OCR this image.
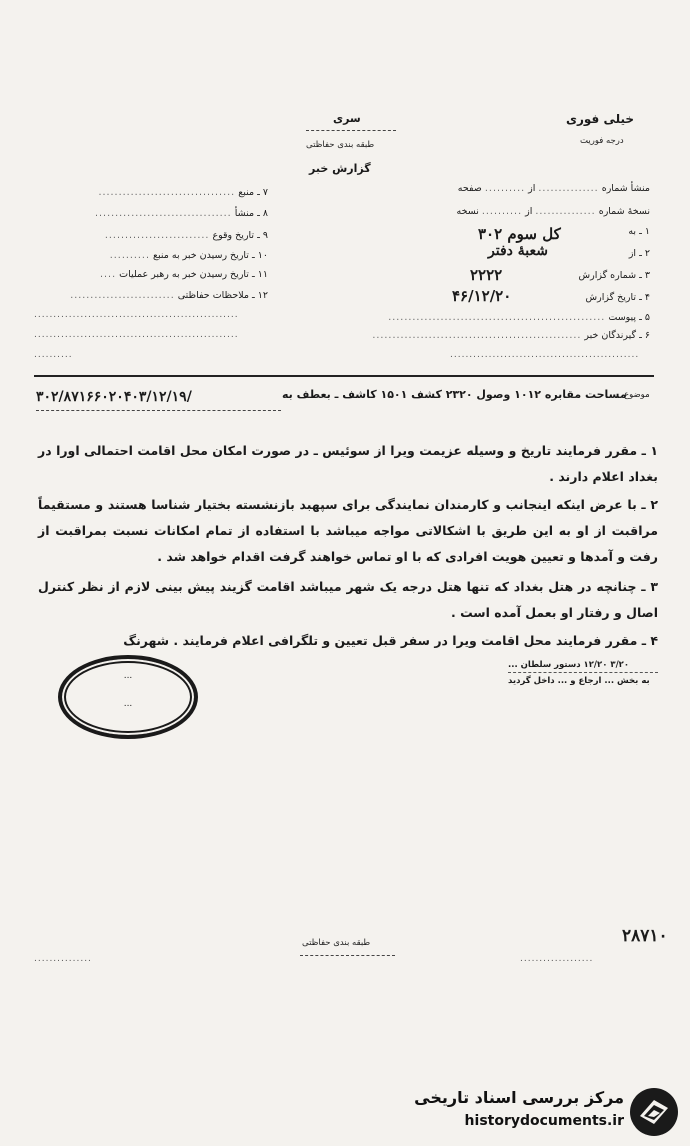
خیلی فوری
درجه فوریت
سری
طبقه بندی حفاظتی
گزارش خبر
منشأ شماره ............... از .......... صفحه
نسخهٔ شماره ............... از .......... نسخه
۱ ـ به
کل سوم ۳۰۲
۲ ـ از
شعبهٔ دفتر
۳ ـ شماره گزارش
۲۲۲۲
۴ ـ تاریخ گزارش
۴۶/۱۲/۲۰
۵ ـ پیوست ......................................................
۶ ـ گیرندگان خبر ....................................................
.................................................
۷ ـ منبع ..................................
۸ ـ منشأ ..................................
۹ ـ تاریخ وقوع ..........................
۱۰ ـ تاریخ رسیدن خبر به منبع ..........
۱۱ ـ تاریخ رسیدن خبر به رهبر عملیات ....
۱۲ ـ ملاحظات حفاظتی ..........................
.....................................................
.....................................................
..........
موضوع
مساحت مقابره ۱۰۱۲ وصول ۲۳۲۰ کشف ۱۵۰۱ کاشف ـ بعطف به
۳۰۲/۸۷۱۶۶۰۲۰۴۰۳/۱۲/۱۹/
۱ ـ مقرر فرمایند تاریخ و وسیله عزیمت ویرا از سوئیس ـ در صورت امکان محل اقامت احتمالی اورا در بغداد اعلام دارند .
۲ ـ با عرض اینکه اینجانب و کارمندان نمایندگی برای سپهبد بازنشسته بختیار شناسا هستند و مستقیماً مراقبت از او به این طریق با اشکالاتی مواجه میباشد با استفاده از تمام امکانات نسبت بمراقبت از رفت و آمدها و تعیین هویت افرادی که با او تماس خواهند گرفت اقدام خواهد شد .
۳ ـ چنانچه در هتل بغداد که تنها هتل درجه یک شهر میباشد اقامت گزیند پیش بینی لازم از نظر کنترل اصال و رفتار او بعمل آمده است .
۴ ـ مقرر فرمایند محل اقامت ویرا در سفر قبل تعیین و تلگرافی اعلام فرمایند . شهرنگ
۳/۲۰ ۱۲/۲۰ دستور سلطان ...
به بخش ... ارجاع و ... داخل گردید
...
...
طبقه بندی حفاظتی
...............	...................
۲۸۷۱۰
مرکز بررسی اسناد تاریخی
historydocuments.ir
